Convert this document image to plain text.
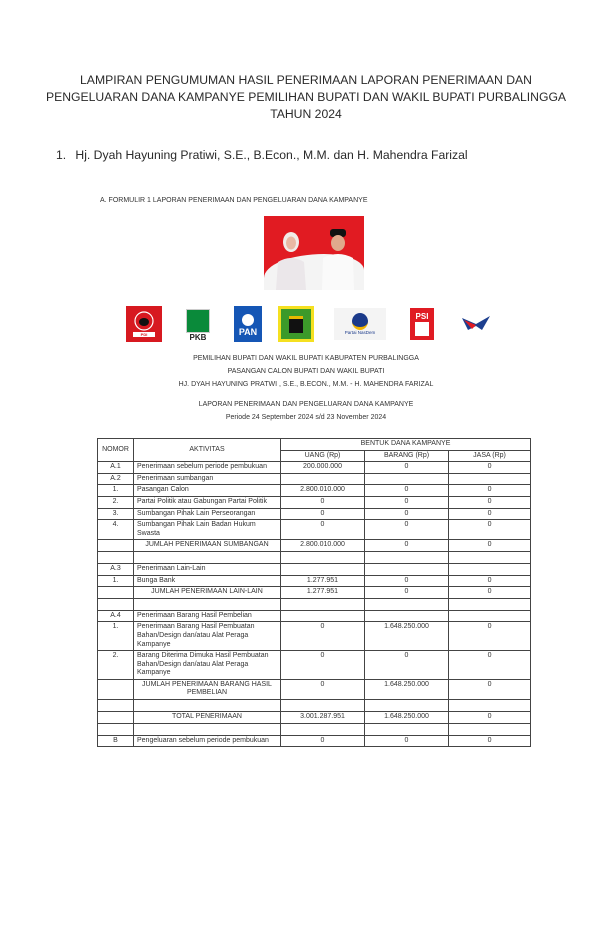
LAMPIRAN PENGUMUMAN HASIL PENERIMAAN LAPORAN PENERIMAAN DAN
PENGELUARAN DANA KAMPANYE PEMILIHAN BUPATI DAN WAKIL BUPATI PURBALINGGA
TAHUN 2024
1. Hj. Dyah Hayuning Pratiwi, S.E., B.Econ., M.M. dan H. Mahendra Farizal
A. FORMULIR 1 LAPORAN PENERIMAAN DAN PENGELUARAN DANA KAMPANYE
PDI	PKB
PAN	Partai NasDem
PSI
PEMILIHAN BUPATI DAN WAKIL BUPATI KABUPATEN PURBALINGGA
PASANGAN CALON BUPATI DAN WAKIL BUPATI
HJ. DYAH HAYUNING PRATWI , S.E., B.ECON., M.M. - H. MAHENDRA FARIZAL
LAPORAN PENERIMAAN DAN PENGELUARAN DANA KAMPANYE
Periode 24 September 2024 s/d 23 November 2024
NOMOR	AKTIVITAS	BENTUK DANA KAMPANYE		
		UANG (Rp)	BARANG (Rp)	JASA (Rp)
A.1	Penerimaan sebelum periode pembukuan	200.000.000	0	0
A.2	Penerimaan sumbangan			
1.	Pasangan Calon	2.800.010.000	0	0
2.	Partai Politik atau Gabungan Partai Politik	0	0	0
3.	Sumbangan Pihak Lain Perseorangan	0	0	0
4.	Sumbangan Pihak Lain Badan Hukum Swasta	0	0	0
	JUMLAH PENERIMAAN SUMBANGAN	2.800.010.000	0	0

A.3	Penerimaan Lain-Lain			
1.	Bunga Bank	1.277.951	0	0
	JUMLAH PENERIMAAN LAIN-LAIN	1.277.951	0	0

A.4	Penerimaan Barang Hasil Pembelian			
1.	Penerimaan Barang Hasil Pembuatan Bahan/Design dan/atau Alat Peraga Kampanye	0	1.648.250.000	0
2.	Barang Diterima Dimuka Hasil Pembuatan Bahan/Design dan/atau Alat Peraga Kampanye	0	0	0
	JUMLAH PENERIMAAN BARANG HASIL PEMBELIAN	0	1.648.250.000	0

	TOTAL PENERIMAAN	3.001.287.951	1.648.250.000	0

B	Pengeluaran sebelum periode pembukuan	0	0	0
